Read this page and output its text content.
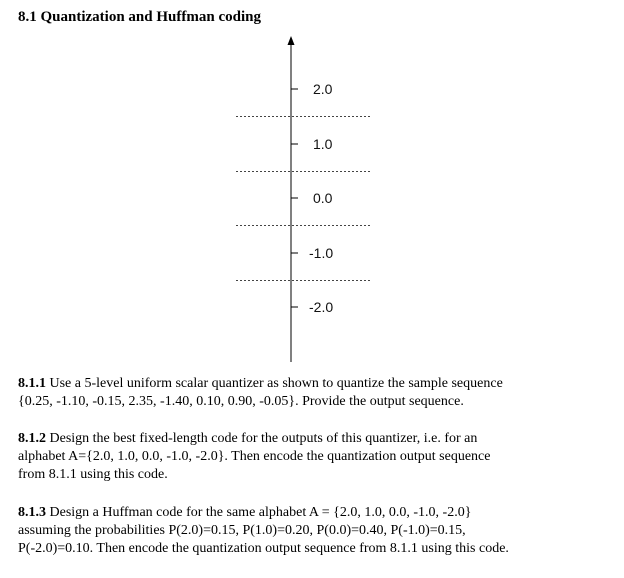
8.1 Quantization and Huffman coding
2.0
1.0
0.0
-1.0
-2.0

8.1.1 Use a 5-level uniform scalar quantizer as shown to quantize the sample sequence

{0.25, -1.10, -0.15, 2.35, -1.40, 0.10, 0.90, -0.05}. Provide the output sequence.

8.1.2 Design the best fixed-length code for the outputs of this quantizer, i.e. for an

alphabet A={2.0, 1.0, 0.0, -1.0, -2.0}. Then encode the quantization output sequence

from 8.1.1 using this code.

8.1.3 Design a Huffman code for the same alphabet A = {2.0, 1.0, 0.0, -1.0, -2.0}

assuming the probabilities P(2.0)=0.15, P(1.0)=0.20, P(0.0)=0.40, P(-1.0)=0.15,

P(-2.0)=0.10. Then encode the quantization output sequence from 8.1.1 using this code.
